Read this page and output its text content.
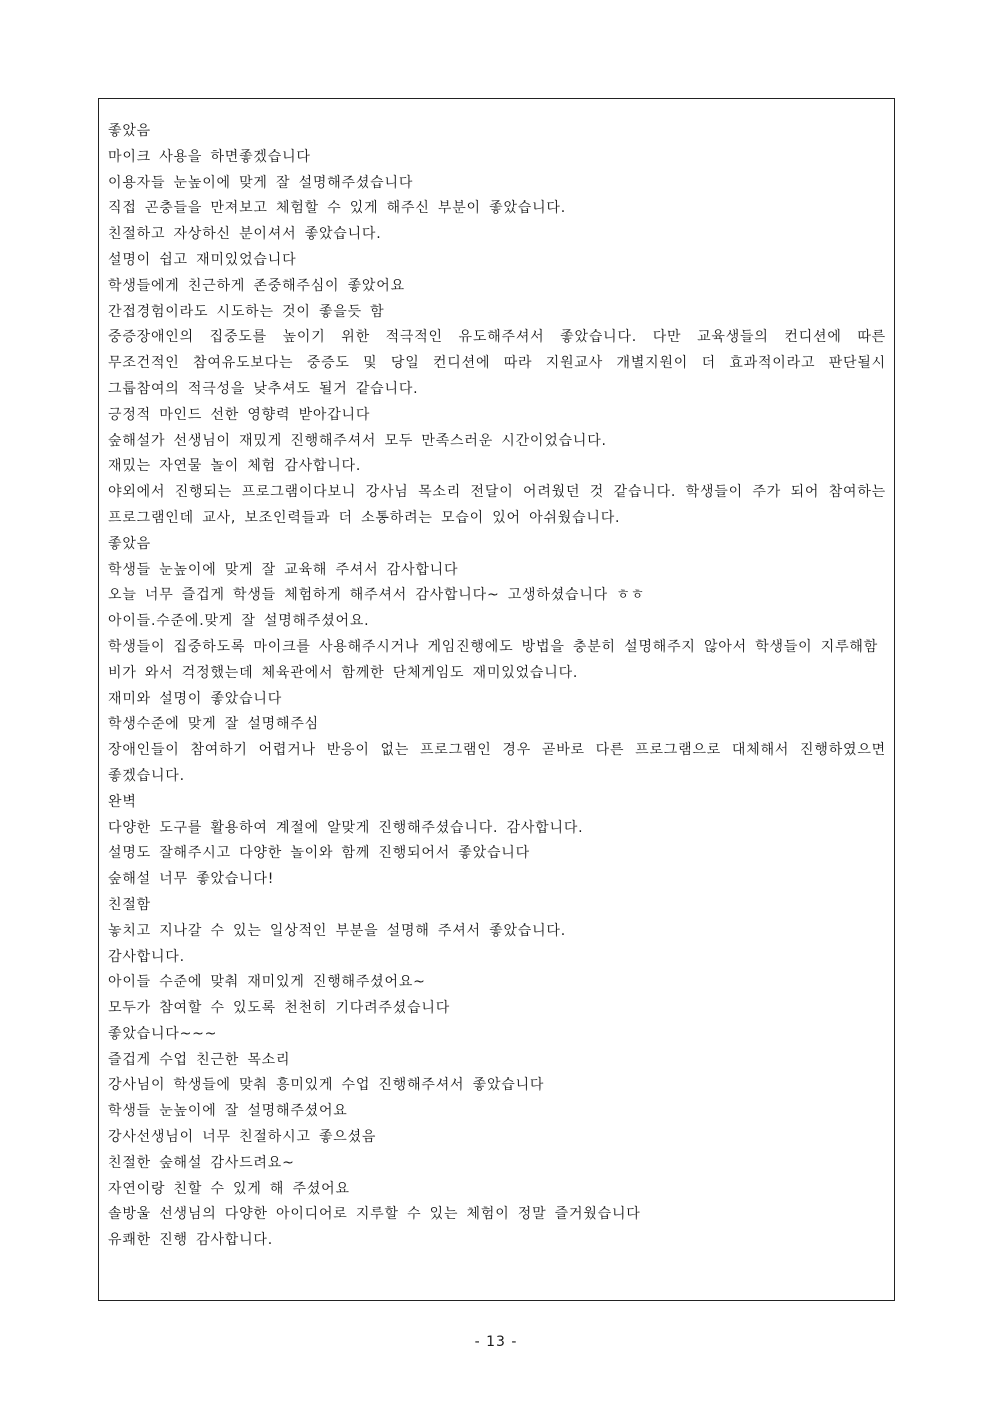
좋았음
마이크 사용을 하면좋겠습니다
이용자들 눈높이에 맞게 잘 설명해주셨습니다
직접 곤충들을 만져보고 체험할 수 있게 해주신 부분이 좋았습니다.
친절하고 자상하신 분이셔서 좋았습니다.
설명이 쉽고 재미있었습니다
학생들에게 친근하게 존중해주심이 좋았어요
간접경험이라도 시도하는 것이 좋을듯 함
중증장애인의 집중도를 높이기 위한 적극적인 유도해주셔서 좋았습니다. 다만 교육생들의 컨디션에 따른 무조건적인 참여유도보다는 중증도 및 당일 컨디션에 따라 지원교사 개별지원이 더 효과적이라고 판단될시 그룹참여의 적극성을 낮추셔도 될거 같습니다.
긍정적 마인드 선한 영향력 받아갑니다
숲해설가 선생님이 재밌게 진행해주셔서 모두 만족스러운 시간이었습니다.
재밌는 자연물 놀이 체험 감사합니다.
야외에서 진행되는 프로그램이다보니 강사님 목소리 전달이 어려웠던 것 같습니다. 학생들이 주가 되어 참여하는 프로그램인데 교사, 보조인력들과 더 소통하려는 모습이 있어 아쉬웠습니다.
좋았음
학생들 눈높이에 맞게 잘 교육해 주셔서 감사합니다
오늘 너무 즐겁게 학생들 체험하게 해주셔서 감사합니다~ 고생하셨습니다 ㅎㅎ
아이들.수준에.맞게 잘 설명해주셨어요.
학생들이 집중하도록 마이크를 사용해주시거나 게임진행에도 방법을 충분히 설명해주지 않아서 학생들이 지루해함
비가 와서 걱정했는데 체육관에서 함께한 단체게임도 재미있었습니다.
재미와 설명이 좋았습니다
학생수준에 맞게 잘 설명해주심
장애인들이 참여하기 어렵거나 반응이 없는 프로그램인 경우 곧바로 다른 프로그램으로 대체해서 진행하였으면 좋겠습니다.
완벽
다양한 도구를 활용하여 계절에 알맞게 진행해주셨습니다. 감사합니다.
설명도 잘해주시고 다양한 놀이와 함께 진행되어서 좋았습니다
숲해설 너무 좋았습니다!
친절함
놓치고 지나갈 수 있는 일상적인 부분을 설명해 주셔서 좋았습니다.
감사합니다.
아이들 수준에 맞춰 재미있게 진행해주셨어요~
모두가 참여할 수 있도록 천천히 기다려주셨습니다
좋았습니다~~~
즐겁게 수업 친근한 목소리
강사님이 학생들에 맞춰 흥미있게 수업 진행해주셔서 좋았습니다
학생들 눈높이에 잘 설명해주셨어요
강사선생님이 너무 친절하시고 좋으셨음
친절한 숲해설 감사드려요~
자연이랑 친할 수 있게 해 주셨어요
솔방울 선생님의 다양한 아이디어로 지루할 수 있는 체험이 정말 즐거웠습니다
유쾌한 진행 감사합니다.
- 13 -
